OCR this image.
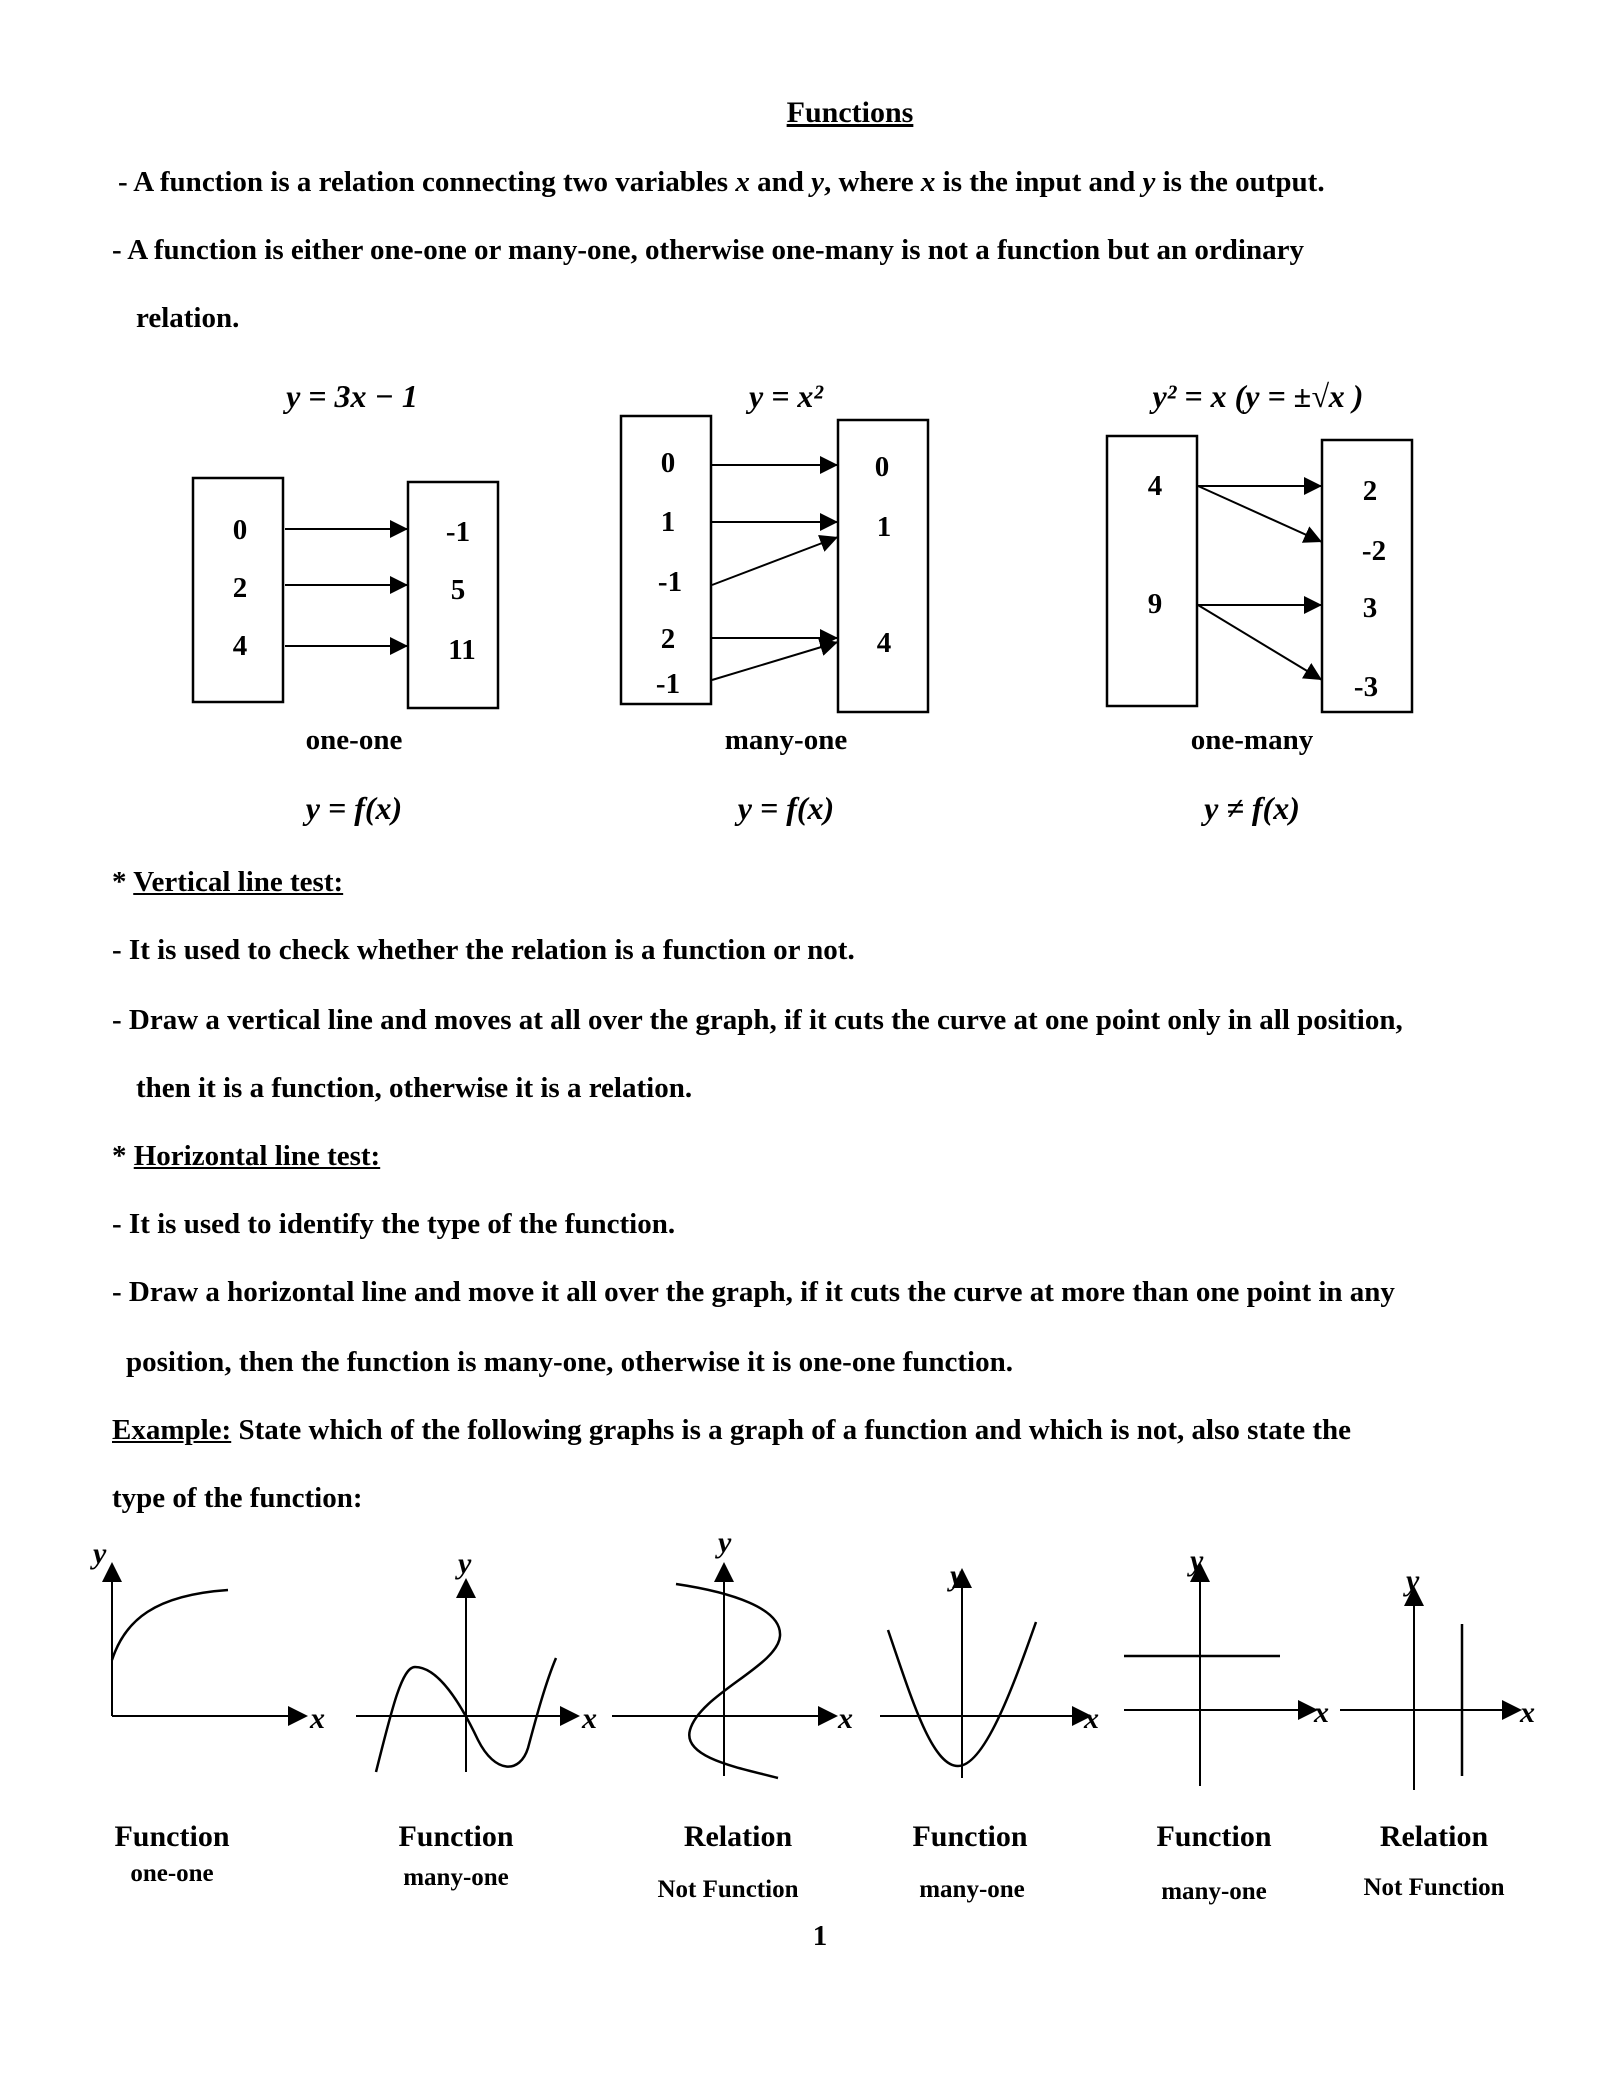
Functions
- A function is a relation connecting two variables x and y, where x is the input and y is the output.
- A function is either one-one or many-one, otherwise one-many is not a function but an ordinary
relation.
y = 3x − 1	y = x²	y² = x (y = ±√x )
0
2
4
-1
5
11
0
1
-1
2
-1
0
1
4
4
9
2
-2
3
-3
one-one	many-one	one-many
y = f(x)	y = f(x)	y ≠ f(x)
* Vertical line test:
- It is used to check whether the relation is a function or not.
- Draw a vertical line and moves at all over the graph, if it cuts the curve at one point only in all position,
then it is a function, otherwise it is a relation.
* Horizontal line test:
- It is used to identify the type of the function.
- Draw a horizontal line and move it all over the graph, if it cuts the curve at more than one point in any
position, then the function is many-one, otherwise it is one-one function.
Example: State which of the following graphs is a graph of a function and which is not, also state the
type of the function:
y
x
y
x
y
x
y
x
y
x
y
x
Function
one-one
Function
many-one
Relation
Not Function
Function
many-one
Function
many-one
Relation
Not Function
1
